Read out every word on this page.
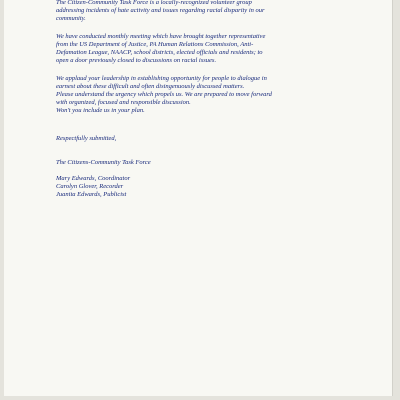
The Citizen-Community Task Force is a locally-recognized volunteer group
addressing incidents of hate activity and issues regarding racial disparity in our
community.

We have conducted monthly meeting which have brought together representative
from the US Department of Justice, PA Human Relations Commission, Anti-
Defamation League, NAACP, school districts, elected officials and residents; to
open a door previously closed to discussions on racial issues.

We applaud your leadership in establishing opportunity for people to dialogue in
earnest about these difficult and often disingenuously discussed matters.
Please understand the urgency which propels us. We are prepared to move forward
with organized, focused and responsible discussion.
Won't you include us in your plan.

Respectfully submitted,

The Citizens-Community Task Force

Mary Edwards, Coordinator
Carolyn Glover, Recorder
Juanita Edwards, Publicist
